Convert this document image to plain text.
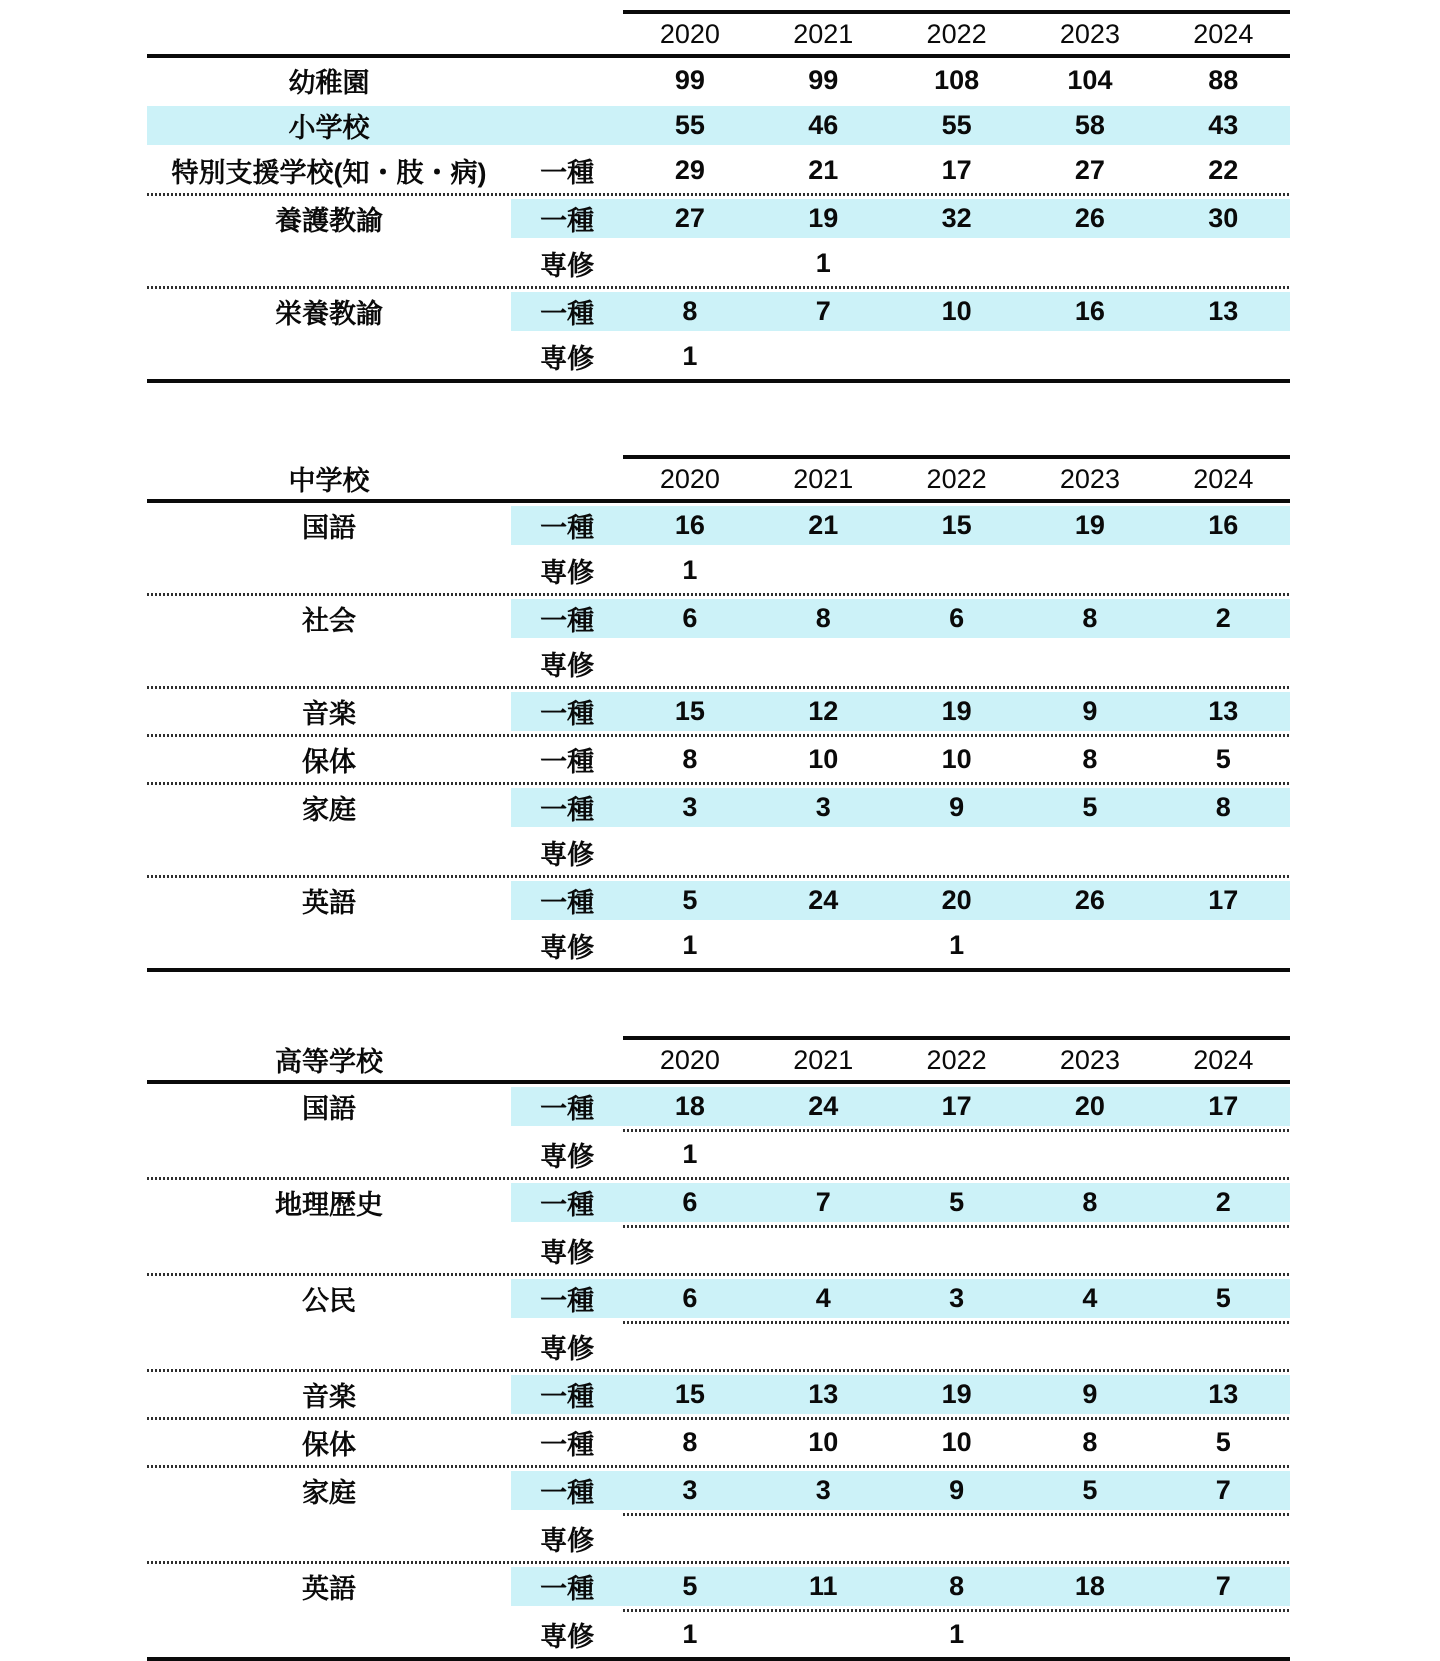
		2020	2021	2022	2023	2024

幼稚園		99	99	108	104	88
小学校		55	46	55	58	43
特別支援学校(知・肢・病)	一種	29	21	17	27	22

養護教諭	一種	27	19	32	26	30
	専修		1			

栄養教諭	一種	8	7	10	16	13
	専修	1				

中学校		2020	2021	2022	2023	2024

国語	一種	16	21	15	19	16
	専修	1				

社会	一種	6	8	6	8	2
	専修					

音楽	一種	15	12	19	9	13

保体	一種	8	10	10	8	5

家庭	一種	3	3	9	5	8
	専修					

英語	一種	5	24	20	26	17
	専修	1		1		

高等学校		2020	2021	2022	2023	2024

国語	一種	18	24	17	20	17

	専修	1				

地理歴史	一種	6	7	5	8	2

	専修					

公民	一種	6	4	3	4	5

	専修					

音楽	一種	15	13	19	9	13

保体	一種	8	10	10	8	5

家庭	一種	3	3	9	5	7

	専修					

英語	一種	5	11	8	18	7

	専修	1		1		
